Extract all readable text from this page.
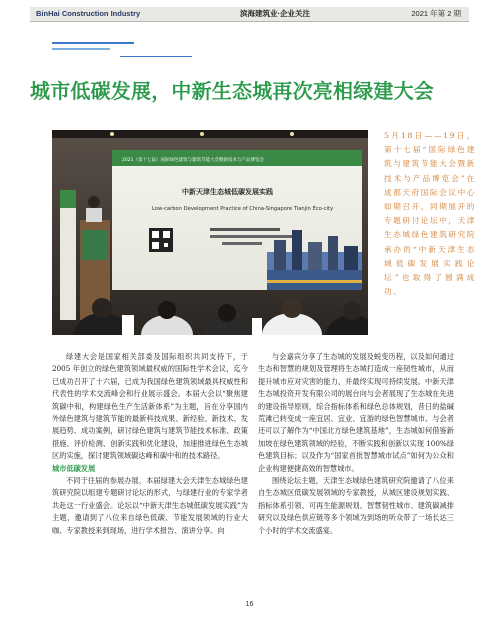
BinHai Construction Industry	滨海建筑业·企业关注	2021 年第 2 期
城市低碳发展，中新生态城再次亮相绿建大会
2021（第十七届）国际绿色建筑与建筑节能大会暨新技术与产品博览会
中新天津生态城低碳发展实践
Low-carbon Development Practice of China-Singapore Tianjin Eco-city
5月18日——19日，第十七届“国际绿色建筑与建筑节能大会暨新技术与产品博览会”在成都天府国际会议中心如期召开，同期展开的专题研讨论坛中，天津生态城绿色建筑研究院承办的“中新天津生态城低碳发展实践论坛”也取得了圆满成功。

绿建大会是国家相关部委及国际组织共同支持下，于 2005 年创立的绿色建筑领域最权威的国际性学术会议，迄今已成功召开了十六届，已成为我国绿色建筑领域最具权威性和代表性的学术交流峰会和行业展示盛会。本届大会以“聚焦建筑碳中和，构建绿色生产生活新体系”为主题，旨在分享国内外绿色建筑与建筑节能的最新科技成果、新经验、新技术、发展趋势、成功案例，研讨绿色建筑与建筑节能技术标准、政策措施、评价检测、创新实践和优化建设，加速推进绿色生态城区的实施，探讨建筑领域碳达峰和碳中和的技术路径。

城市低碳发展

不同于往届的参展办展，本届绿建大会天津生态城绿色建筑研究院以组建专题研讨论坛的形式，与绿建行业的专家学者共赴这一行业盛会。论坛以“中新天津生态城低碳发展实践”为主题，邀请到了八位来自绿色低碳、节能发展领域的行业大咖、专家教授来到现场，进行学术报告、演讲分享。向

与会嘉宾分享了生态城的发展及蜕变历程，以及如何通过生态和智慧的规划及管理将生态城打造成一座韧性城市，从而提升城市应对灾害的能力，并最终实现可持续发展。中新天津生态城投资开发有限公司的展台向与会者展现了生态城在先进的建设指导原则，综合指标体系和绿色总体规划，昔日的盐碱荒滩已转变成一座宜居、宜业、宜游的绿色智慧城市。与会者还可以了解作为“中国北方绿色建筑基地”，生态城如何借鉴新加坡在绿色建筑领域的经验，不断实践和创新以实现 100%绿色建筑目标；以及作为“国家首批智慧城市试点”如何为公众和企业构建便捷高效的智慧城市。

围绕论坛主题，天津生态城绿色建筑研究院邀请了八位来自生态城区低碳发展领域的专家教授，从城区建设规划实践、指标体系引领、可再生能源规划、智慧韧性城市、建筑碳减排研究以及绿色供应链等多个领域为到场的听众带了一场长达三个小时的学术交流盛宴。

16
